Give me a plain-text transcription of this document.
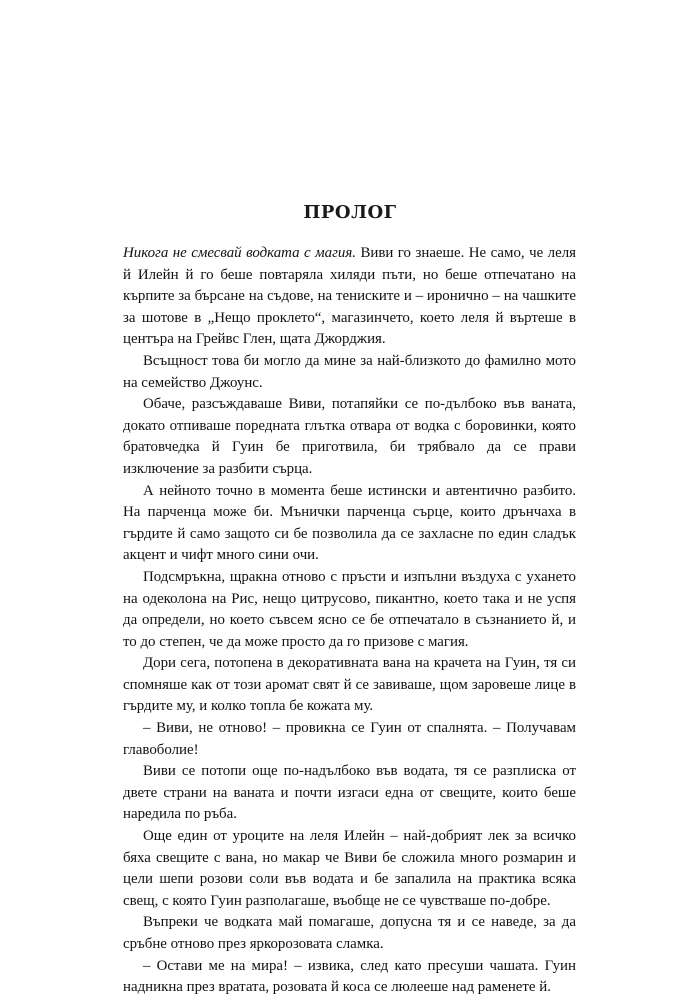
ПРОЛОГ

Никога не смесвай водката с магия. Виви го знаеше. Не само, че леля й Илейн й го беше повтаряла хиляди пъти, но беше отпечатано на кърпите за бърсане на съдове, на тениските и – иронично – на чашките за шотове в „Нещо проклето“, магазинчето, което леля й въртеше в центъра на Грейвс Глен, щата Джорджия.

Всъщност това би могло да мине за най-близкото до фамилно мото на семейство Джоунс.

Обаче, разсъждаваше Виви, потапяйки се по-дълбоко във ваната, докато отпиваше поредната глътка отвара от водка с боровинки, която братовчедка й Гуин бе приготвила, би трябвало да се прави изключение за разбити сърца.

А нейното точно в момента беше истински и автентично разбито. На парченца може би. Мънички парченца сърце, които дрънчаха в гърдите й само защото си бе позволила да се захласне по един сладък акцент и чифт много сини очи.

Подсмръкна, щракна отново с пръсти и изпълни въздуха с ухането на одеколона на Рис, нещо цитрусово, пикантно, което така и не успя да определи, но което съвсем ясно се бе отпечатало в съзнанието й, и то до степен, че да може просто да го призове с магия.

Дори сега, потопена в декоративната вана на крачета на Гуин, тя си спомняше как от този аромат свят й се завиваше, щом заровеше лице в гърдите му, и колко топла бе кожата му.

– Виви, не отново! – провикна се Гуин от спалнята. – Получавам главоболие!

Виви се потопи още по-надълбоко във водата, тя се разплиска от двете страни на ваната и почти изгаси една от свещите, които беше наредила по ръба.

Още един от уроците на леля Илейн – най-добрият лек за всичко бяха свещите с вана, но макар че Виви бе сложила много розмарин и цели шепи розови соли във водата и бе запалила на практика всяка свещ, с която Гуин разполагаше, въобще не се чувстваше по-добре.

Въпреки че водката май помагаше, допусна тя и се наведе, за да сръбне отново през яркорозовата сламка.

– Остави ме на мира! – извика, след като пресуши чашата. Гуин надникна през вратата, розовата й коса се люлееше над раменете й.
